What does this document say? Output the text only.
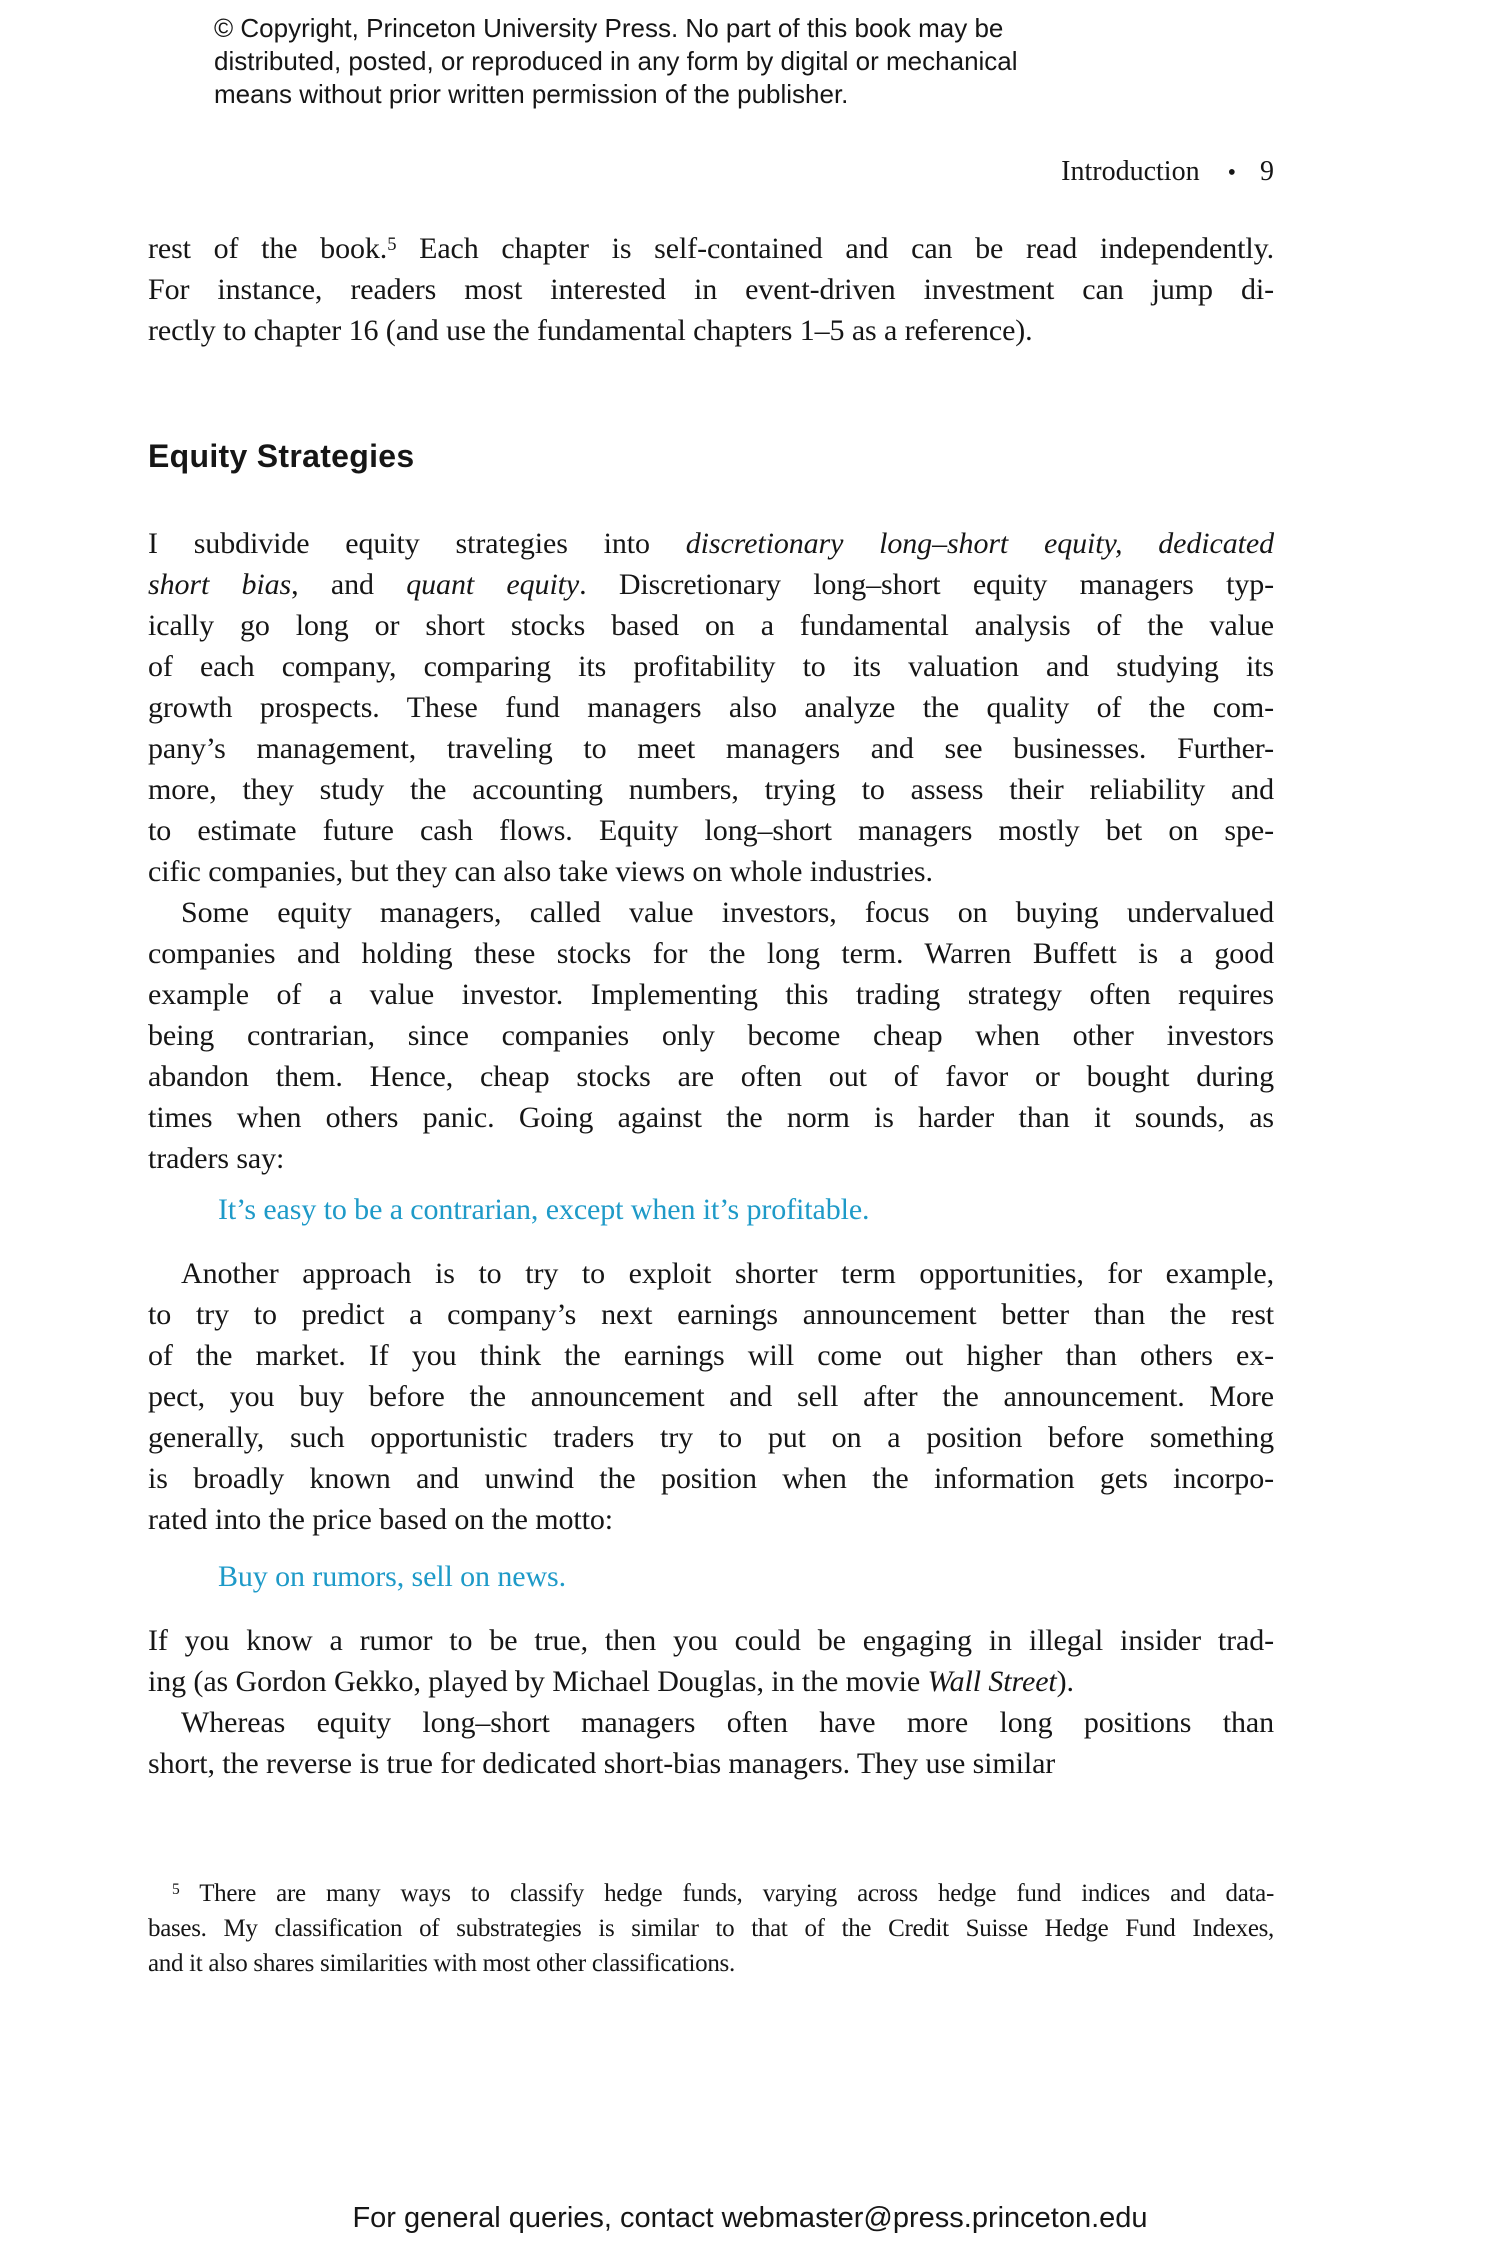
© Copyright, Princeton University Press. No part of this book may be
distributed, posted, or reproduced in any form by digital or mechanical
means without prior written permission of the publisher.
Introduction • 9
rest of the book.$^5$ Each chapter is self-contained and can be read independently.
For instance, readers most interested in event-driven investment can jump di-
rectly to chapter 16 (and use the fundamental chapters 1–5 as a reference).
Equity Strategies
I subdivide equity strategies into discretionary long–short equity, dedicated
short bias, and quant equity. Discretionary long–short equity managers typ-
ically go long or short stocks based on a fundamental analysis of the value
of each company, comparing its profitability to its valuation and studying its
growth prospects. These fund managers also analyze the quality of the com-
pany’s management, traveling to meet managers and see businesses. Further-
more, they study the accounting numbers, trying to assess their reliability and
to estimate future cash flows. Equity long–short managers mostly bet on spe-
cific companies, but they can also take views on whole industries.
Some equity managers, called value investors, focus on buying undervalued
companies and holding these stocks for the long term. Warren Buffett is a good
example of a value investor. Implementing this trading strategy often requires
being contrarian, since companies only become cheap when other investors
abandon them. Hence, cheap stocks are often out of favor or bought during
times when others panic. Going against the norm is harder than it sounds, as
traders say:
It’s easy to be a contrarian, except when it’s profitable.
Another approach is to try to exploit shorter term opportunities, for example,
to try to predict a company’s next earnings announcement better than the rest
of the market. If you think the earnings will come out higher than others ex-
pect, you buy before the announcement and sell after the announcement. More
generally, such opportunistic traders try to put on a position before something
is broadly known and unwind the position when the information gets incorpo-
rated into the price based on the motto:
Buy on rumors, sell on news.
If you know a rumor to be true, then you could be engaging in illegal insider trad-
ing (as Gordon Gekko, played by Michael Douglas, in the movie Wall Street).
Whereas equity long–short managers often have more long positions than
short, the reverse is true for dedicated short-bias managers. They use similar
$^5$ There are many ways to classify hedge funds, varying across hedge fund indices and data-
bases. My classification of substrategies is similar to that of the Credit Suisse Hedge Fund Indexes,
and it also shares similarities with most other classifications.
For general queries, contact webmaster@press.princeton.edu
